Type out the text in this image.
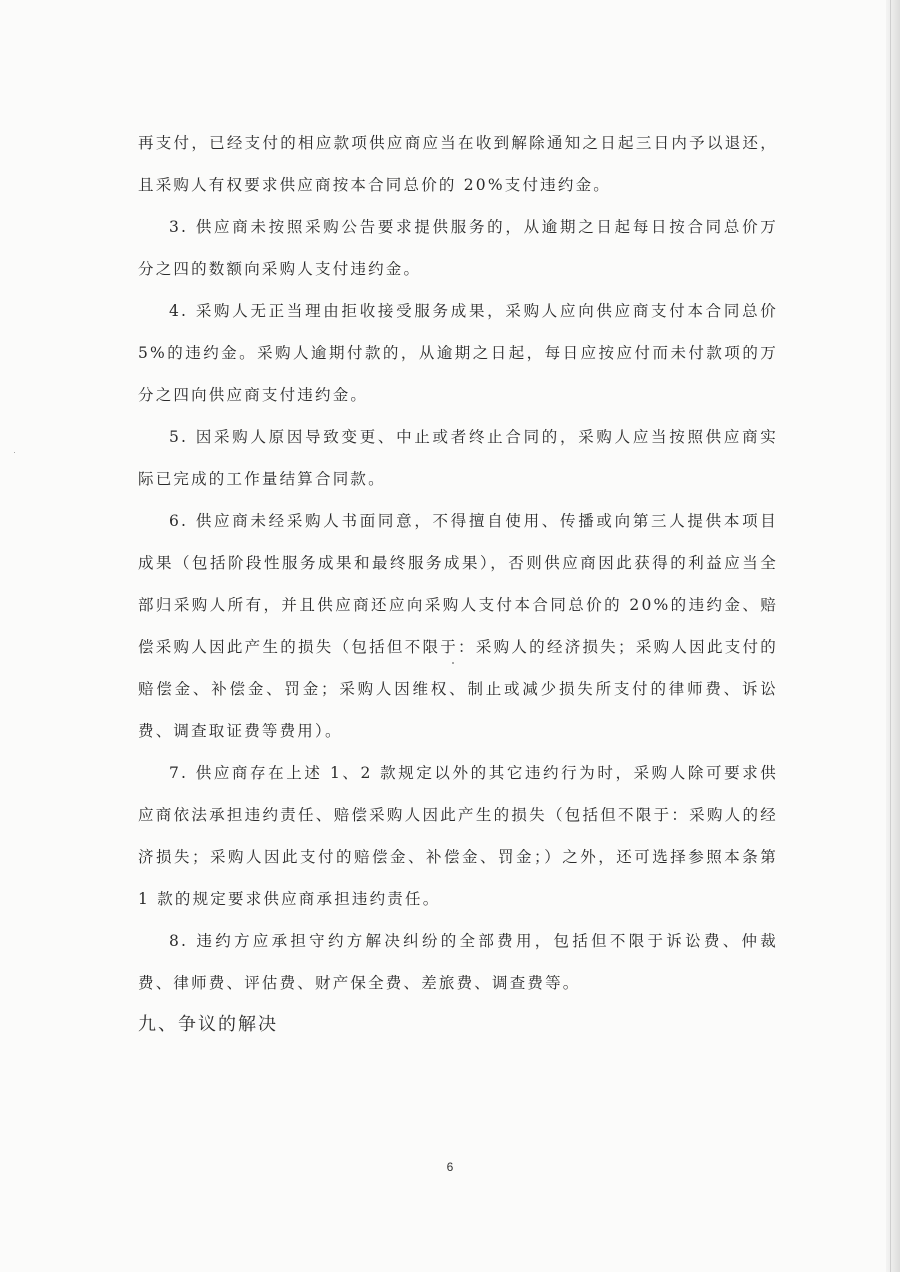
再支付，已经支付的相应款项供应商应当在收到解除通知之日起三日内予以退还，且采购人有权要求供应商按本合同总价的 20%支付违约金。

3. 供应商未按照采购公告要求提供服务的，从逾期之日起每日按合同总价万分之四的数额向采购人支付违约金。

4. 采购人无正当理由拒收接受服务成果，采购人应向供应商支付本合同总价 5%的违约金。采购人逾期付款的，从逾期之日起，每日应按应付而未付款项的万分之四向供应商支付违约金。

5. 因采购人原因导致变更、中止或者终止合同的，采购人应当按照供应商实际已完成的工作量结算合同款。

6. 供应商未经采购人书面同意，不得擅自使用、传播或向第三人提供本项目成果（包括阶段性服务成果和最终服务成果），否则供应商因此获得的利益应当全部归采购人所有，并且供应商还应向采购人支付本合同总价的 20%的违约金、赔偿采购人因此产生的损失（包括但不限于：采购人的经济损失；采购人因此支付的赔偿金、补偿金、罚金；采购人因维权、制止或减少损失所支付的律师费、诉讼费、调查取证费等费用）。

7. 供应商存在上述 1、2 款规定以外的其它违约行为时，采购人除可要求供应商依法承担违约责任、赔偿采购人因此产生的损失（包括但不限于：采购人的经济损失；采购人因此支付的赔偿金、补偿金、罚金；）之外，还可选择参照本条第 1 款的规定要求供应商承担违约责任。

8. 违约方应承担守约方解决纠纷的全部费用，包括但不限于诉讼费、仲裁费、律师费、评估费、财产保全费、差旅费、调查费等。

九、争议的解决
6
